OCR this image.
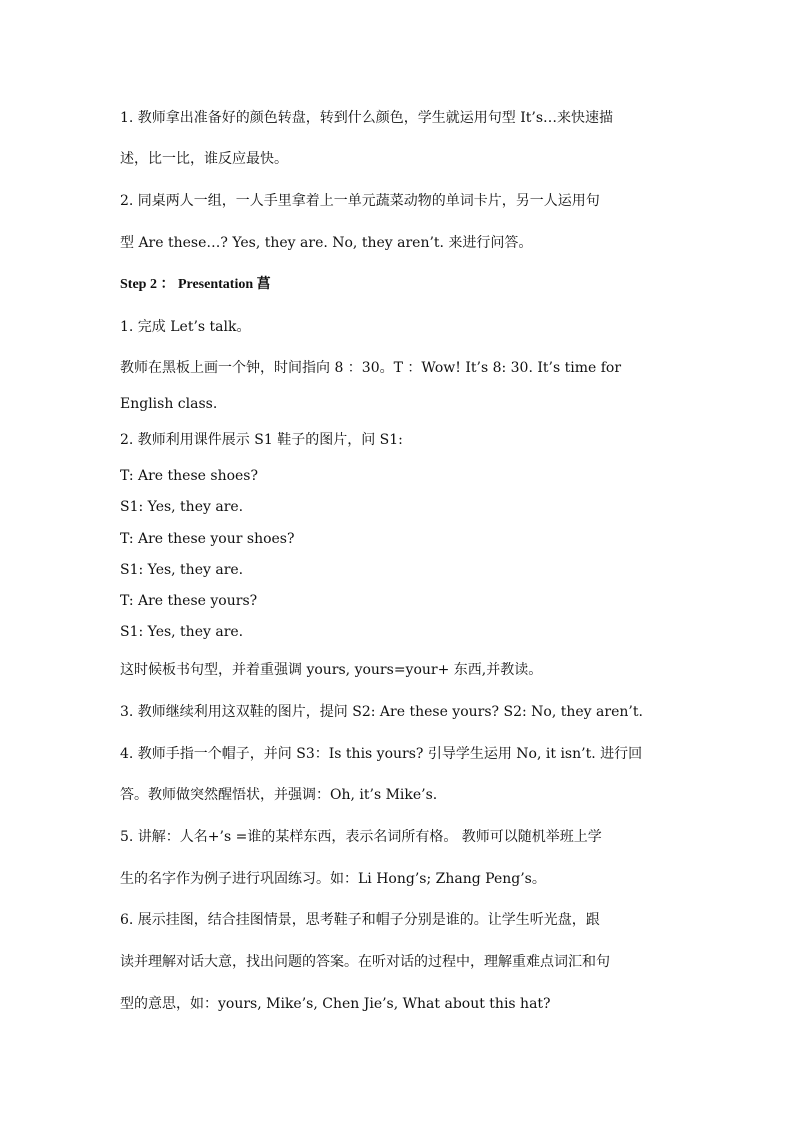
1. 教师拿出准备好的颜色转盘，转到什么颜色，学生就运用句型 It’s…来快速描
述，比一比，谁反应最快。
2. 同桌两人一组，一人手里拿着上一单元蔬菜动物的单词卡片，另一人运用句
型 Are these…? Yes, they are. No, they aren’t. 来进行问答。
Step 2 ： Presentation 菖
1. 完成 Let’s talk。
教师在黑板上画一个钟，时间指向 8 ：30。T ：Wow! It’s 8: 30. It’s time for
English class.
2. 教师利用课件展示 S1 鞋子的图片，问 S1:
T: Are these shoes?
S1: Yes, they are.
T: Are these your shoes?
S1: Yes, they are.
T: Are these yours?
S1: Yes, they are.
这时候板书句型，并着重强调 yours, yours=your+ 东西,并教读。
3. 教师继续利用这双鞋的图片，提问 S2: Are these yours? S2: No, they aren’t.
4. 教师手指一个帽子，并问 S3：Is this yours? 引导学生运用 No, it isn’t. 进行回
答。教师做突然醒悟状，并强调：Oh, it’s Mike’s.
5. 讲解：人名+’s =谁的某样东西，表示名词所有格。 教师可以随机举班上学
生的名字作为例子进行巩固练习。如：Li Hong’s; Zhang Peng’s。
6. 展示挂图，结合挂图情景，思考鞋子和帽子分别是谁的。让学生听光盘，跟
读并理解对话大意，找出问题的答案。在听对话的过程中，理解重难点词汇和句
型的意思，如：yours, Mike’s, Chen Jie’s, What about this hat?
